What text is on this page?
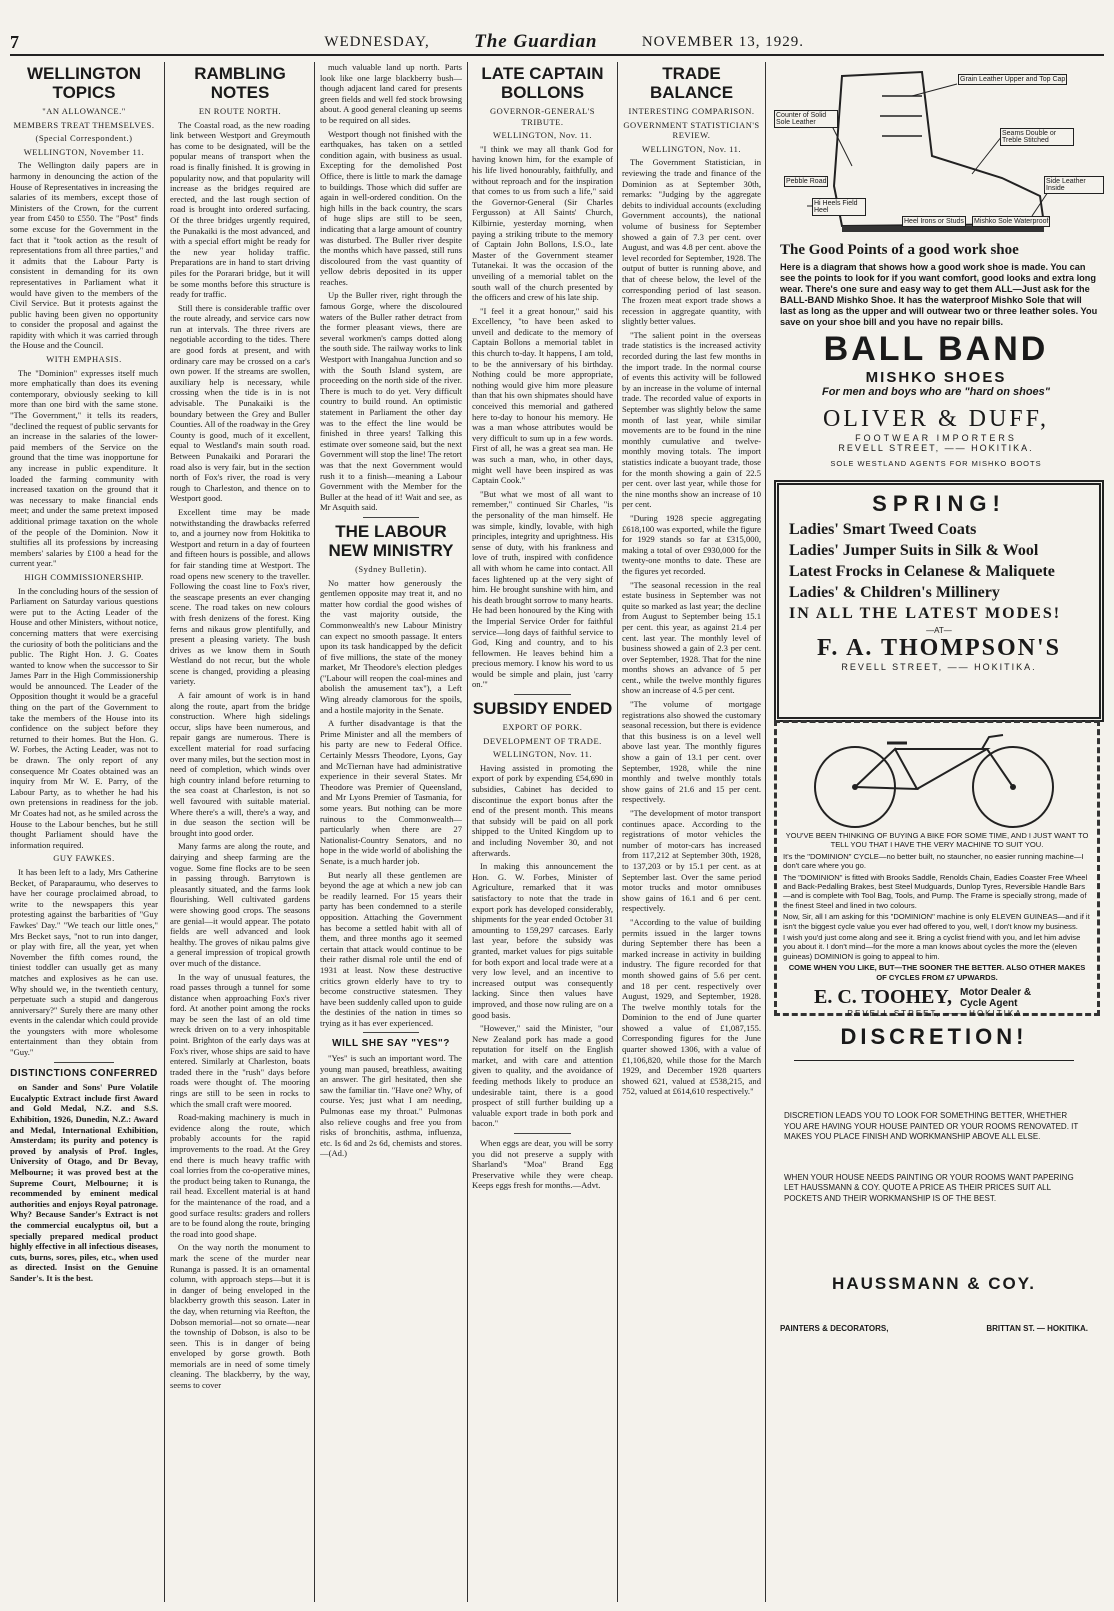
7	WEDNESDAY, The Guardian	NOVEMBER 13, 1929.
WELLINGTON TOPICS
"AN ALLOWANCE."
MEMBERS TREAT THEMSELVES.
(Special Correspondent.)
WELLINGTON, November 11.

The Wellington daily papers are in harmony in denouncing the action of the House of Representatives in increasing the salaries of its members, except those of Ministers of the Crown, for the current year from £450 to £550. The "Post" finds some excuse for the Government in the fact that it "took action as the result of representations from all three parties," and it admits that the Labour Party is consistent in demanding for its own representatives in Parliament what it would have given to the members of the Civil Service. But it protests against the public having been given no opportunity to consider the proposal and against the rapidity with which it was carried through the House and the Council.

WITH EMPHASIS.

The "Dominion" expresses itself much more emphatically than does its evening contemporary, obviously seeking to kill more than one bird with the same stone. "The Government," it tells its readers, "declined the request of public servants for an increase in the salaries of the lower-paid members of the Service on the ground that the time was inopportune for any increase in public expenditure. It loaded the farming community with increased taxation on the ground that it was necessary to make financial ends meet; and under the same pretext imposed additional primage taxation on the whole of the people of the Dominion. Now it stultifies all its professions by increasing members' salaries by £100 a head for the current year."

HIGH COMMISSIONERSHIP.

In the concluding hours of the session of Parliament on Saturday various questions were put to the Acting Leader of the House and other Ministers, without notice, concerning matters that were exercising the curiosity of both the politicians and the public. The Right Hon. J. G. Coates wanted to know when the successor to Sir James Parr in the High Commissionership would be announced. The Leader of the Opposition thought it would be a graceful thing on the part of the Government to take the members of the House into its confidence on the subject before they returned to their homes. But the Hon. G. W. Forbes, the Acting Leader, was not to be drawn. The only report of any consequence Mr Coates obtained was an inquiry from Mr W. E. Parry, of the Labour Party, as to whether he had his own pretensions in readiness for the job. Mr Coates had not, as he smiled across the House to the Labour benches, but he still thought Parliament should have the information required.

GUY FAWKES.

It has been left to a lady, Mrs Catherine Becket, of Paraparaumu, who deserves to have her courage proclaimed abroad, to write to the newspapers this year protesting against the barbarities of "Guy Fawkes' Day." "We teach our little ones," Mrs Becket says, "not to run into danger, or play with fire, all the year, yet when November the fifth comes round, the tiniest toddler can usually get as many matches and explosives as he can use. Why should we, in the twentieth century, perpetuate such a stupid and dangerous anniversary?" Surely there are many other events in the calendar which could provide the youngsters with more wholesome entertainment than they obtain from "Guy."

DISTINCTIONS CONFERRED

on Sander and Sons' Pure Volatile Eucalyptic Extract include first Award and Gold Medal, N.Z. and S.S. Exhibition, 1926, Dunedin, N.Z.: Award and Medal, International Exhibition, Amsterdam; its purity and potency is proved by analysis of Prof. Ingles, University of Otago, and Dr Bevay, Melbourne; it was proved best at the Supreme Court, Melbourne; it is recommended by eminent medical authorities and enjoys Royal patronage. Why? Because Sander's Extract is not the commercial eucalyptus oil, but a specially prepared medical product highly effective in all infectious diseases, cuts, burns, sores, piles, etc., when used as directed. Insist on the Genuine Sander's. It is the best.

RAMBLING NOTES
EN ROUTE NORTH.

The Coastal road, as the new roading link between Westport and Greymouth has come to be designated, will be the popular means of transport when the road is finally finished. It is growing in popularity now, and that popularity will increase as the bridges required are erected, and the last rough section of road is brought into ordered surfacing. Of the three bridges urgently required, the Punakaiki is the most advanced, and with a special effort might be ready for the new year holiday traffic. Preparations are in hand to start driving piles for the Porarari bridge, but it will be some months before this structure is ready for traffic.

Still there is considerable traffic over the route already, and service cars now run at intervals. The three rivers are negotiable according to the tides. There are good fords at present, and with ordinary care may be crossed on a car's own power. If the streams are swollen, auxiliary help is necessary, while crossing when the tide is in is not advisable. The Punakaiki is the boundary between the Grey and Buller Counties. All of the roadway in the Grey County is good, much of it excellent, equal to Westland's main south road. Between Punakaiki and Porarari the road also is very fair, but in the section north of Fox's river, the road is very rough to Charleston, and thence on to Westport good.

Excellent time may be made notwithstanding the drawbacks referred to, and a journey now from Hokitika to Westport and return in a day of fourteen and fifteen hours is possible, and allows for fair standing time at Westport. The road opens new scenery to the traveller. Following the coast line to Fox's river, the seascape presents an ever changing scene. The road takes on new colours with fresh denizens of the forest. King ferns and nikaus grow plentifully, and present a pleasing variety. The bush drives as we know them in South Westland do not recur, but the whole scene is changed, providing a pleasing variety.

A fair amount of work is in hand along the route, apart from the bridge construction. Where high sidelings occur, slips have been numerous, and repair gangs are numerous. There is excellent material for road surfacing over many miles, but the section most in need of completion, which winds over high country inland before returning to the sea coast at Charleston, is not so well favoured with suitable material. Where there's a will, there's a way, and in due season the section will be brought into good order.

Many farms are along the route, and dairying and sheep farming are the vogue. Some fine flocks are to be seen in passing through. Barrytown is pleasantly situated, and the farms look flourishing. Well cultivated gardens were showing good crops. The seasons are genial—it would appear. The potato fields are well advanced and look healthy. The groves of nikau palms give a general impression of tropical growth over much of the distance.

In the way of unusual features, the road passes through a tunnel for some distance when approaching Fox's river ford. At another point among the rocks may be seen the last of an old time wreck driven on to a very inhospitable point. Brighton of the early days was at Fox's river, whose ships are said to have entered. Similarly at Charleston, boats traded there in the "rush" days before roads were thought of. The mooring rings are still to be seen in rocks to which the small craft were moored.

Road-making machinery is much in evidence along the route, which probably accounts for the rapid improvements to the road. At the Grey end there is much heavy traffic with coal lorries from the co-operative mines, the product being taken to Runanga, the rail head. Excellent material is at hand for the maintenance of the road, and a good surface results: graders and rollers are to be found along the route, bringing the road into good shape.

On the way north the monument to mark the scene of the murder near Runanga is passed. It is an ornamental column, with approach steps—but it is in danger of being enveloped in the blackberry growth this season. Later in the day, when returning via Reefton, the Dobson memorial—not so ornate—near the township of Dobson, is also to be seen. This is in danger of being enveloped by gorse growth. Both memorials are in need of some timely cleaning. The blackberry, by the way, seems to cover

much valuable land up north. Parts look like one large blackberry bush—though adjacent land cared for presents green fields and well fed stock browsing about. A good general cleaning up seems to be required on all sides.

Westport though not finished with the earthquakes, has taken on a settled condition again, with business as usual. Excepting for the demolished Post Office, there is little to mark the damage to buildings. Those which did suffer are again in well-ordered condition. On the high hills in the back country, the scars of huge slips are still to be seen, indicating that a large amount of country was disturbed. The Buller river despite the months which have passed, still runs discoloured from the vast quantity of yellow debris deposited in its upper reaches.

Up the Buller river, right through the famous Gorge, where the discoloured waters of the Buller rather detract from the former pleasant views, there are several workmen's camps dotted along the south side. The railway works to link Westport with Inangahua Junction and so with the South Island system, are proceeding on the north side of the river. There is much to do yet. Very difficult country to build round. An optimistic statement in Parliament the other day was to the effect the line would be finished in three years! Talking this estimate over someone said, but the next Government will stop the line! The retort was that the next Government would rush it to a finish—meaning a Labour Government with the Member for the Buller at the head of it! Wait and see, as Mr Asquith said.

THE LABOUR NEW MINISTRY
(Sydney Bulletin).

No matter how generously the gentlemen opposite may treat it, and no matter how cordial the good wishes of the vast majority outside, the Commonwealth's new Labour Ministry can expect no smooth passage. It enters upon its task handicapped by the deficit of five millions, the state of the money market, Mr Theodore's election pledges ("Labour will reopen the coal-mines and abolish the amusement tax"), a Left Wing already clamorous for the spoils, and a hostile majority in the Senate.

A further disadvantage is that the Prime Minister and all the members of his party are new to Federal Office. Certainly Messrs Theodore, Lyons, Gay and McTiernan have had administrative experience in their several States. Mr Theodore was Premier of Queensland, and Mr Lyons Premier of Tasmania, for some years. But nothing can be more ruinous to the Commonwealth—particularly when there are 27 Nationalist-Country Senators, and no hope in the wide world of abolishing the Senate, is a much harder job.

But nearly all these gentlemen are beyond the age at which a new job can be readily learned. For 15 years their party has been condemned to a sterile opposition. Attaching the Government has become a settled habit with all of them, and three months ago it seemed certain that attack would continue to be their rather dismal role until the end of 1931 at least. Now these destructive critics grown elderly have to try to become constructive statesmen. They have been suddenly called upon to guide the destinies of the nation in times so trying as it has ever experienced.

WILL SHE SAY "YES"?

"Yes" is such an important word. The young man paused, breathless, awaiting an answer. The girl hesitated, then she saw the familiar tin. "Have one? Why, of course. Yes; just what I am needing, Pulmonas ease my throat." Pulmonas also relieve coughs and free you from risks of bronchitis, asthma, influenza, etc. Is 6d and 2s 6d, chemists and stores.—(Ad.)

LATE CAPTAIN BOLLONS
GOVERNOR-GENERAL'S TRIBUTE.
WELLINGTON, Nov. 11.

"I think we may all thank God for having known him, for the example of his life lived honourably, faithfully, and without reproach and for the inspiration that comes to us from such a life," said the Governor-General (Sir Charles Fergusson) at All Saints' Church, Kilbirnie, yesterday morning, when paying a striking tribute to the memory of Captain John Bollons, I.S.O., late Master of the Government steamer Tutanekai. It was the occasion of the unveiling of a memorial tablet on the south wall of the church presented by the officers and crew of his late ship.

"I feel it a great honour," said his Excellency, "to have been asked to unveil and dedicate to the memory of Captain Bollons a memorial tablet in this church to-day. It happens, I am told, to be the anniversary of his birthday. Nothing could be more appropriate, nothing would give him more pleasure than that his own shipmates should have conceived this memorial and gathered here to-day to honour his memory. He was a man whose attributes would be very difficult to sum up in a few words. First of all, he was a great sea man. He was such a man, who, in other days, might well have been inspired as was Captain Cook."

"But what we most of all want to remember," continued Sir Charles, "is the personality of the man himself. He was simple, kindly, lovable, with high principles, integrity and uprightness. His sense of duty, with his frankness and love of truth, inspired with confidence all with whom he came into contact. All faces lightened up at the very sight of him. He brought sunshine with him, and his death brought sorrow to many hearts. He had been honoured by the King with the Imperial Service Order for faithful service—long days of faithful service to God, King and country, and to his fellowmen. He leaves behind him a precious memory. I know his word to us would be simple and plain, just 'carry on.'"

SUBSIDY ENDED
EXPORT OF PORK.
DEVELOPMENT OF TRADE.
WELLINGTON, Nov. 11.

Having assisted in promoting the export of pork by expending £54,690 in subsidies, Cabinet has decided to discontinue the export bonus after the end of the present month. This means that subsidy will be paid on all pork shipped to the United Kingdom up to and including November 30, and not afterwards.

In making this announcement the Hon. G. W. Forbes, Minister of Agriculture, remarked that it was satisfactory to note that the trade in export pork has developed considerably, shipments for the year ended October 31 amounting to 159,297 carcases. Early last year, before the subsidy was granted, market values for pigs suitable for both export and local trade were at a very low level, and an incentive to increased output was consequently lacking. Since then values have improved, and those now ruling are on a good basis.

"However," said the Minister, "our New Zealand pork has made a good reputation for itself on the English market, and with care and attention given to quality, and the avoidance of feeding methods likely to produce an undesirable taint, there is a good prospect of still further building up a valuable export trade in both pork and bacon."

When eggs are dear, you will be sorry you did not preserve a supply with Sharland's "Moa" Brand Egg Preservative while they were cheap. Keeps eggs fresh for months.—Advt.

TRADE BALANCE
INTERESTING COMPARISON.
GOVERNMENT STATISTICIAN'S REVIEW.
WELLINGTON, Nov. 11.

The Government Statistician, in reviewing the trade and finance of the Dominion as at September 30th, remarks: "Judging by the aggregate debits to individual accounts (excluding Government accounts), the national volume of business for September showed a gain of 7.3 per cent. over August, and was 4.8 per cent. above the level recorded for September, 1928. The output of butter is running above, and that of cheese below, the level of the corresponding period of last season. The frozen meat export trade shows a recession in aggregate quantity, with slightly better values.

"The salient point in the overseas trade statistics is the increased activity recorded during the last few months in the import trade. In the normal course of events this activity will be followed by an increase in the volume of internal trade. The recorded value of exports in September was slightly below the same month of last year, while similar movements are to be found in the nine monthly cumulative and twelve-monthly moving totals. The import statistics indicate a buoyant trade, those for the month showing a gain of 22.5 per cent. over last year, while those for the nine months show an increase of 10 per cent.

"During 1928 specie aggregating £618,100 was exported, while the figure for 1929 stands so far at £315,000, making a total of over £930,000 for the twenty-one months to date. These are the figures yet recorded.

"The seasonal recession in the real estate business in September was not quite so marked as last year; the decline from August to September being 15.1 per cent. this year, as against 21.4 per cent. last year. The monthly level of business showed a gain of 2.3 per cent. over September, 1928. That for the nine months shows an advance of 5 per cent., while the twelve monthly figures show an increase of 4.5 per cent.

"The volume of mortgage registrations also showed the customary seasonal recession, but there is evidence that this business is on a level well above last year. The monthly figures show a gain of 13.1 per cent. over September, 1928, while the nine monthly and twelve monthly totals show gains of 21.6 and 15 per cent. respectively.

"The development of motor transport continues apace. According to the registrations of motor vehicles the number of motor-cars has increased from 117,212 at September 30th, 1928, to 137,203 or by 15.1 per cent. as at September last. Over the same period motor trucks and motor omnibuses show gains of 16.1 and 6 per cent. respectively.

"According to the value of building permits issued in the larger towns during September there has been a marked increase in activity in building industry. The figure recorded for that month showed gains of 5.6 per cent. and 18 per cent. respectively over August, 1929, and September, 1928. The twelve monthly totals for the Dominion to the end of June quarter showed a value of £1,087,155. Corresponding figures for the June quarter showed 1306, with a value of £1,106,820, while those for the March 1929, and December 1928 quarters showed 621, valued at £538,215, and 752, valued at £614,610 respectively."

Grain Leather Upper and Top Cap
Counter of Solid Sole Leather
Seams Double or Treble Stitched
Pebble Road	Side Leather Inside
Hi Heels Field Heel
Heel Irons or Studs Mishko Sole Waterproof
The Good Points of a good work shoe
Here is a diagram that shows how a good work shoe is made. You can see the points to look for if you want comfort, good looks and extra long wear. There's one sure and easy way to get them ALL—Just ask for the BALL-BAND Mishko Shoe. It has the waterproof Mishko Sole that will last as long as the upper and will outwear two or three leather soles. You save on your shoe bill and you have no repair bills.
BALL BAND
MISHKO SHOES
For men and boys who are "hard on shoes"
OLIVER & DUFF,
FOOTWEAR IMPORTERS
REVELL STREET, —— HOKITIKA.
SOLE WESTLAND AGENTS FOR MISHKO BOOTS
SPRING!
Ladies' Smart Tweed Coats
Ladies' Jumper Suits in Silk & Wool
Latest Frocks in Celanese & Maliquete
Ladies' & Children's Millinery
IN ALL THE LATEST MODES!
—AT—
F. A. THOMPSON'S
REVELL STREET, —— HOKITIKA.
YOU'VE BEEN THINKING OF BUYING A BIKE FOR SOME TIME, AND I JUST WANT TO TELL YOU THAT I HAVE THE VERY MACHINE TO SUIT YOU.
It's the "DOMINION" CYCLE—no better built, no stauncher, no easier running machine—I don't care where you go.
The "DOMINION" is fitted with Brooks Saddle, Renolds Chain, Eadies Coaster Free Wheel and Back-Pedalling Brakes, best Steel Mudguards, Dunlop Tyres, Reversible Handle Bars—and is complete with Tool Bag, Tools, and Pump. The Frame is specially strong, made of the finest Steel and lined in two colours.
Now, Sir, all I am asking for this "DOMINION" machine is only ELEVEN GUINEAS—and if it isn't the biggest cycle value you ever had offered to you, well, I don't know my business.
I wish you'd just come along and see it. Bring a cyclist friend with you, and let him advise you about it. I don't mind—for the more a man knows about cycles the more the (eleven guineas) DOMINION is going to appeal to him.
COME WHEN YOU LIKE, BUT—THE SOONER THE BETTER. ALSO OTHER MAKES OF CYCLES FROM £7 UPWARDS.
E. C. TOOHEY, Motor Dealer & Cycle Agent
REVELL STREET, —— HOKITIKA.
DISCRETION!
DISCRETION LEADS YOU TO LOOK FOR SOMETHING BETTER, WHETHER YOU ARE HAVING YOUR HOUSE PAINTED OR YOUR ROOMS RENOVATED. IT MAKES YOU PLACE FINISH AND WORKMANSHIP ABOVE ALL ELSE.
WHEN YOUR HOUSE NEEDS PAINTING OR YOUR ROOMS WANT PAPERING LET HAUSSMANN & COY. QUOTE A PRICE AS THEIR PRICES SUIT ALL POCKETS AND THEIR WORKMANSHIP IS OF THE BEST.
HAUSSMANN & COY.
PAINTERS & DECORATORS,	BRITTAN ST. — HOKITIKA.
